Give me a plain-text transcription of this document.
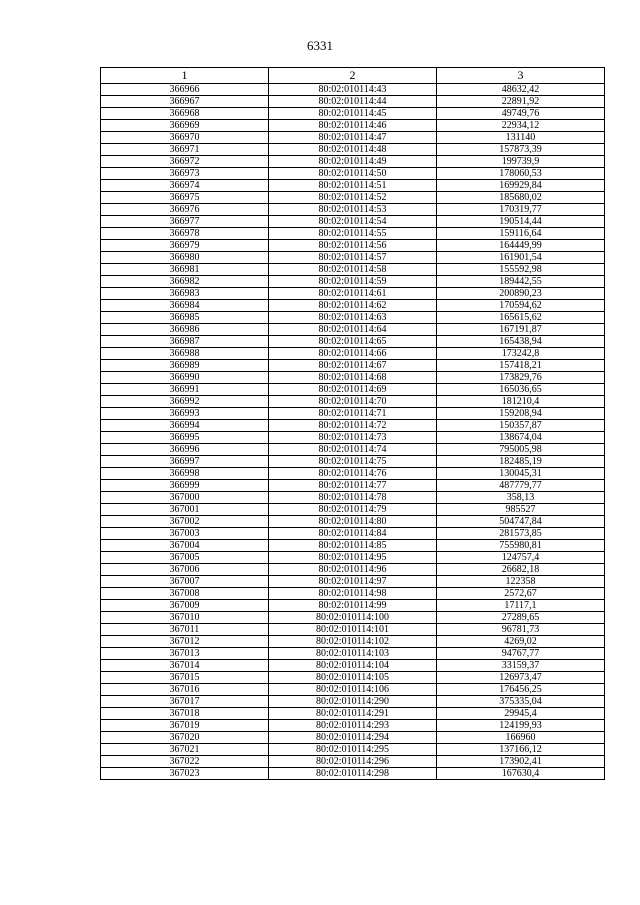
6331
1	2	3
366966	80:02:010114:43	48632,42
366967	80:02:010114:44	22891,92
366968	80:02:010114:45	49749,76
366969	80:02:010114:46	22934,12
366970	80:02:010114:47	131140
366971	80:02:010114:48	157873,39
366972	80:02:010114:49	199739,9
366973	80:02:010114:50	178060,53
366974	80:02:010114:51	169929,84
366975	80:02:010114:52	185680,02
366976	80:02:010114:53	170319,77
366977	80:02:010114:54	190514,44
366978	80:02:010114:55	159116,64
366979	80:02:010114:56	164449,99
366980	80:02:010114:57	161901,54
366981	80:02:010114:58	155592,98
366982	80:02:010114:59	189442,55
366983	80:02:010114:61	200890,23
366984	80:02:010114:62	170594,62
366985	80:02:010114:63	165615,62
366986	80:02:010114:64	167191,87
366987	80:02:010114:65	165438,94
366988	80:02:010114:66	173242,8
366989	80:02:010114:67	157418,21
366990	80:02:010114:68	173829,76
366991	80:02:010114:69	165036,65
366992	80:02:010114:70	181210,4
366993	80:02:010114:71	159208,94
366994	80:02:010114:72	150357,87
366995	80:02:010114:73	138674,04
366996	80:02:010114:74	795005,98
366997	80:02:010114:75	182485,19
366998	80:02:010114:76	130045,31
366999	80:02:010114:77	487779,77
367000	80:02:010114:78	358,13
367001	80:02:010114:79	985527
367002	80:02:010114:80	504747,84
367003	80:02:010114:84	281573,85
367004	80:02:010114:85	755980,81
367005	80:02:010114:95	124757,4
367006	80:02:010114:96	26682,18
367007	80:02:010114:97	122358
367008	80:02:010114:98	2572,67
367009	80:02:010114:99	17117,1
367010	80:02:010114:100	27289,65
367011	80:02:010114:101	96781,73
367012	80:02:010114:102	4269,02
367013	80:02:010114:103	94767,77
367014	80:02:010114:104	33159,37
367015	80:02:010114:105	126973,47
367016	80:02:010114:106	176456,25
367017	80:02:010114:290	375335,04
367018	80:02:010114:291	29945,4
367019	80:02:010114:293	124199,93
367020	80:02:010114:294	166960
367021	80:02:010114:295	137166,12
367022	80:02:010114:296	173902,41
367023	80:02:010114:298	167630,4
